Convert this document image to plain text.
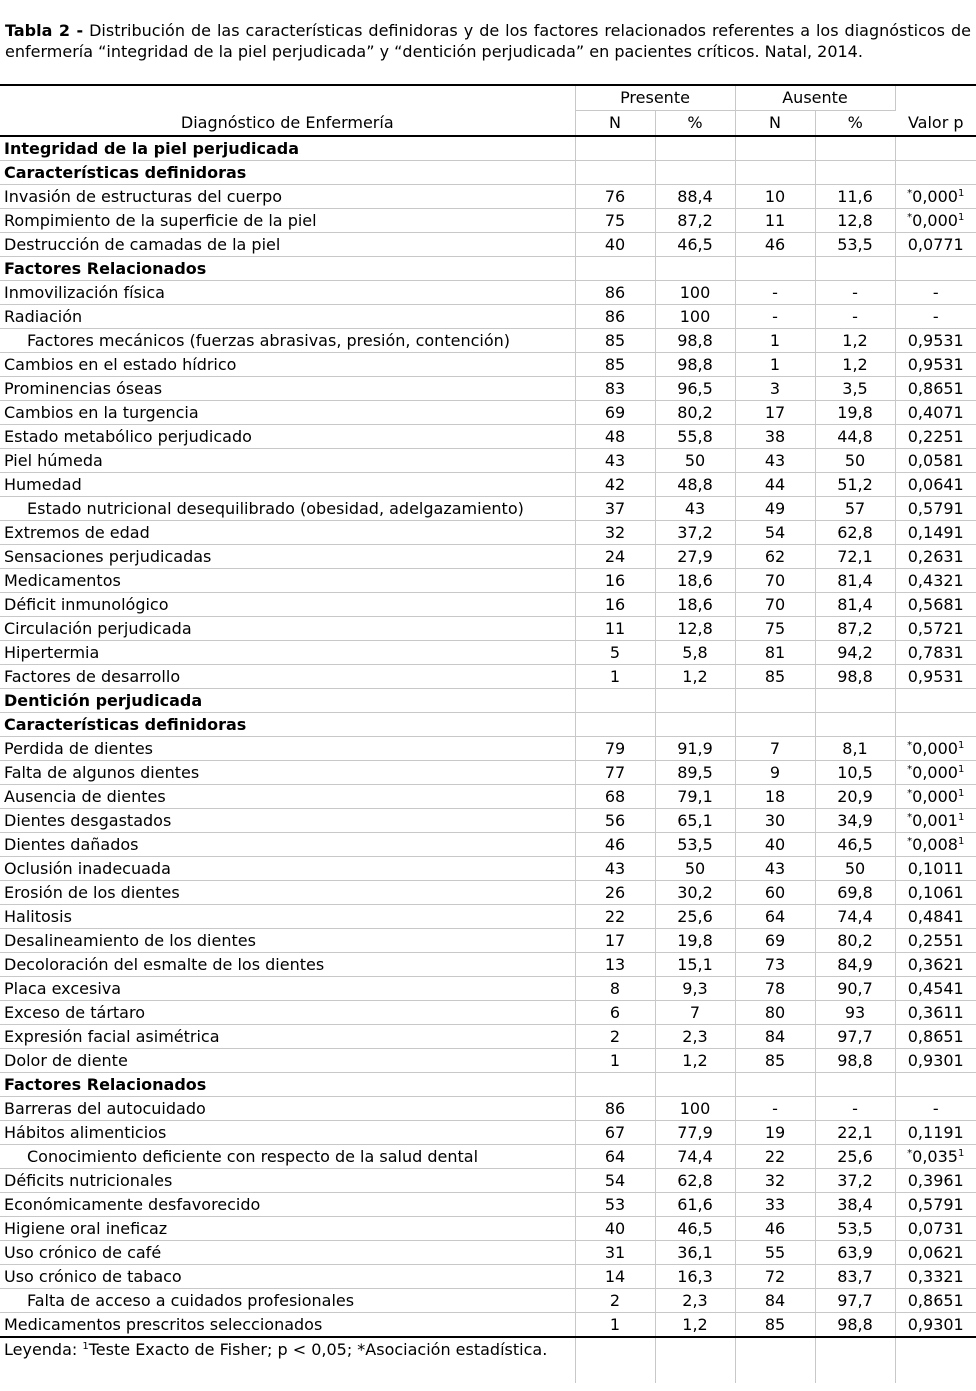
Tabla 2 - Distribución de las características definidoras y de los factores relacionados referentes a los diagnósticos de enfermería “integridad de la piel perjudicada” y “dentición perjudicada” en pacientes críticos. Natal, 2014.
Diagnóstico de Enfermería	Presente		Ausente		Valor p
	N	%	N	%	
Integridad de la piel perjudicada					
Características definidoras					
Invasión de estructuras del cuerpo	76	88,4	10	11,6	*0,000$^1$
Rompimiento de la superficie de la piel	75	87,2	11	12,8	*0,000$^1$
Destrucción de camadas de la piel	40	46,5	46	53,5	0,0771
Factores Relacionados					
Inmovilización física	86	100	-	-	-
Radiación	86	100	-	-	-
Factores mecánicos (fuerzas abrasivas, presión, contención)	85	98,8	1	1,2	0,9531
Cambios en el estado hídrico	85	98,8	1	1,2	0,9531
Prominencias óseas	83	96,5	3	3,5	0,8651
Cambios en la turgencia	69	80,2	17	19,8	0,4071
Estado metabólico perjudicado	48	55,8	38	44,8	0,2251
Piel húmeda	43	50	43	50	0,0581
Humedad	42	48,8	44	51,2	0,0641
Estado nutricional desequilibrado (obesidad, adelgazamiento)	37	43	49	57	0,5791
Extremos de edad	32	37,2	54	62,8	0,1491
Sensaciones perjudicadas	24	27,9	62	72,1	0,2631
Medicamentos	16	18,6	70	81,4	0,4321
Déficit inmunológico	16	18,6	70	81,4	0,5681
Circulación perjudicada	11	12,8	75	87,2	0,5721
Hipertermia	5	5,8	81	94,2	0,7831
Factores de desarrollo	1	1,2	85	98,8	0,9531
Dentición perjudicada					
Características definidoras					
Perdida de dientes	79	91,9	7	8,1	*0,000$^1$
Falta de algunos dientes	77	89,5	9	10,5	*0,000$^1$
Ausencia de dientes	68	79,1	18	20,9	*0,000$^1$
Dientes desgastados	56	65,1	30	34,9	*0,001$^1$
Dientes dañados	46	53,5	40	46,5	*0,008$^1$
Oclusión inadecuada	43	50	43	50	0,1011
Erosión de los dientes	26	30,2	60	69,8	0,1061
Halitosis	22	25,6	64	74,4	0,4841
Desalineamiento de los dientes	17	19,8	69	80,2	0,2551
Decoloración del esmalte de los dientes	13	15,1	73	84,9	0,3621
Placa excesiva	8	9,3	78	90,7	0,4541
Exceso de tártaro	6	7	80	93	0,3611
Expresión facial asimétrica	2	2,3	84	97,7	0,8651
Dolor de diente	1	1,2	85	98,8	0,9301
Factores Relacionados					
Barreras del autocuidado	86	100	-	-	-
Hábitos alimenticios	67	77,9	19	22,1	0,1191
Conocimiento deficiente con respecto de la salud dental	64	74,4	22	25,6	*0,035$^1$
Déficits nutricionales	54	62,8	32	37,2	0,3961
Económicamente desfavorecido	53	61,6	33	38,4	0,5791
Higiene oral ineficaz	40	46,5	46	53,5	0,0731
Uso crónico de café	31	36,1	55	63,9	0,0621
Uso crónico de tabaco	14	16,3	72	83,7	0,3321
Falta de acceso a cuidados profesionales	2	2,3	84	97,7	0,8651
Medicamentos prescritos seleccionados	1	1,2	85	98,8	0,9301
Leyenda: $^1$Teste Exacto de Fisher; p < 0,05; *Asociación estadística.					
